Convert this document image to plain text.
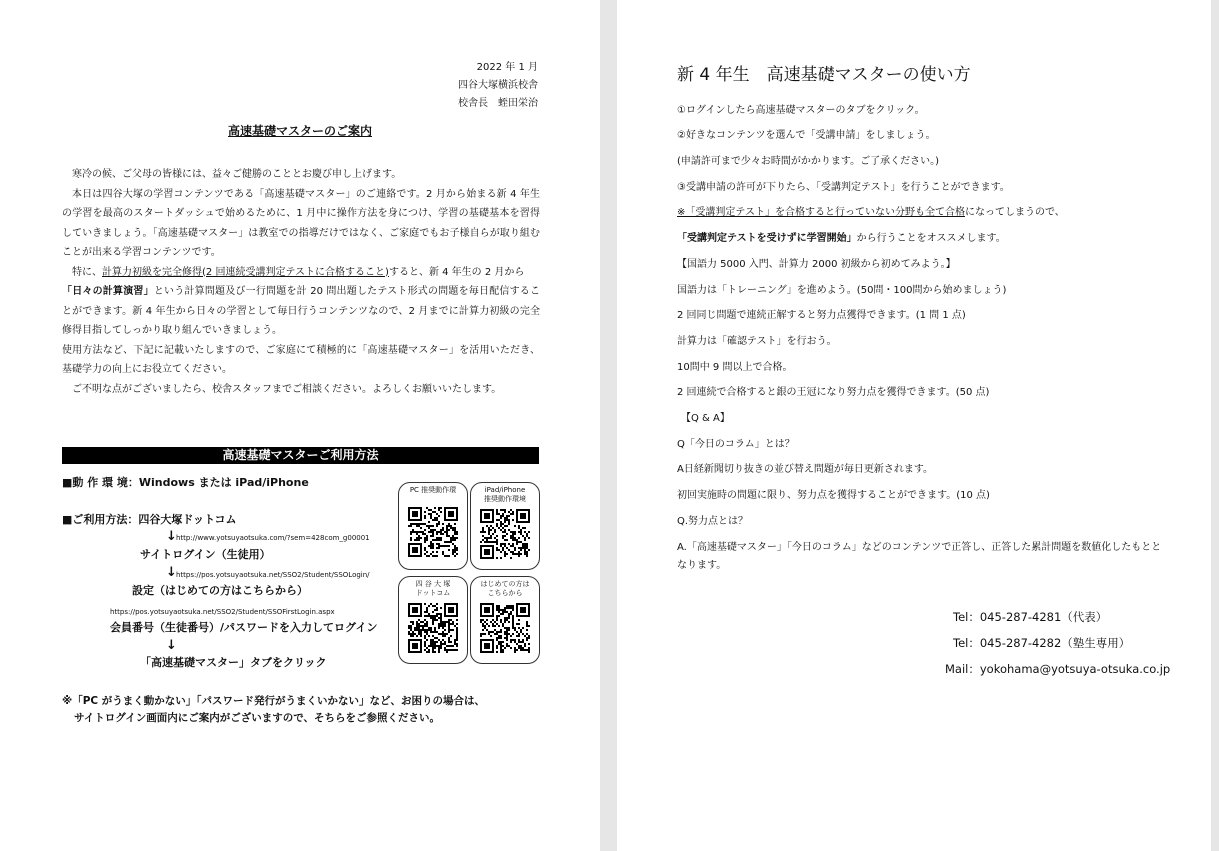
2022 年 1 月
四谷大塚横浜校舎
校舎長　蛭田栄治
高速基礎マスターのご案内
寒冷の候、ご父母の皆様には、益々ご健勝のこととお慶び申し上げます。
本日は四谷大塚の学習コンテンツである「高速基礎マスター」のご連絡です。2 月から始まる新 4 年生の学習を最高のスタートダッシュで始めるために、1 月中に操作方法を身につけ、学習の基礎基本を習得していきましょう。「高速基礎マスター」は教室での指導だけではなく、ご家庭でもお子様自らが取り組むことが出来る学習コンテンツです。
特に、計算力初級を完全修得(2 回連続受講判定テストに合格すること)すると、新 4 年生の 2 月から
「日々の計算演習」という計算問題及び一行問題を計 20 問出題したテスト形式の問題を毎日配信することができます。新 4 年生から日々の学習として毎日行うコンテンツなので、2 月までに計算力初級の完全修得目指してしっかり取り組んでいきましょう。
使用方法など、下記に記載いたしますので、ご家庭にて積極的に「高速基礎マスター」を活用いただき、基礎学力の向上にお役立てください。
ご不明な点がございましたら、校舎スタッフまでご相談ください。よろしくお願いいたします。
高速基礎マスターご利用方法
■動 作 環 境：Windows または iPad/iPhone
■ご利用方法：四谷大塚ドットコム
↓ http://www.yotsuyaotsuka.com/?sem=428com_g00001
サイトログイン（生徒用）
↓ https://pos.yotsuyaotsuka.net/SSO2/Student/SSOLogin/
設定（はじめての方はこちらから）
https://pos.yotsuyaotsuka.net/SSO2/Student/SSOFirstLogin.aspx
会員番号（生徒番号）/パスワードを入力してログイン
↓
「高速基礎マスター」タブをクリック
※「PC がうまく動かない」「パスワード発行がうまくいかない」など、お困りの場合は、
サイトログイン画面内にご案内がございますので、そちらをご参照ください。
PC 推奨動作環	iPad/iPhone
推奨動作環境
四 谷 大 塚
ドットコム
はじめての方は
こちらから
新 4 年生　高速基礎マスターの使い方
①ログインしたら高速基礎マスターのタブをクリック。
②好きなコンテンツを選んで「受講申請」をしましょう。
(申請許可まで少々お時間がかかります。ご了承ください。)
③受講申請の許可が下りたら、「受講判定テスト」を行うことができます。
※「受講判定テスト」を合格すると行っていない分野も全て合格になってしまうので、
「受講判定テストを受けずに学習開始」から行うことをオススメします。
【国語力 5000 入門、計算力 2000 初級から初めてみよう。】
国語力は「トレーニング」を進めよう。(50問・100問から始めましょう)
2 回同じ問題で連続正解すると努力点獲得できます。(1 問 1 点)
計算力は「確認テスト」を行おう。
10問中 9 問以上で合格。
2 回連続で合格すると銀の王冠になり努力点を獲得できます。(50 点)
【Q & A】
Q「今日のコラム」とは？
A日経新聞切り抜きの並び替え問題が毎日更新されます。
初回実施時の問題に限り、努力点を獲得することができます。(10 点)
Q.努力点とは？
A.「高速基礎マスター」「今日のコラム」などのコンテンツで正答し、正答した累計問題を数値化したもとと
なります。
Tel：045-287-4281（代表）
Tel：045-287-4282（塾生専用）
Mail：yokohama@yotsuya-otsuka.co.jp
